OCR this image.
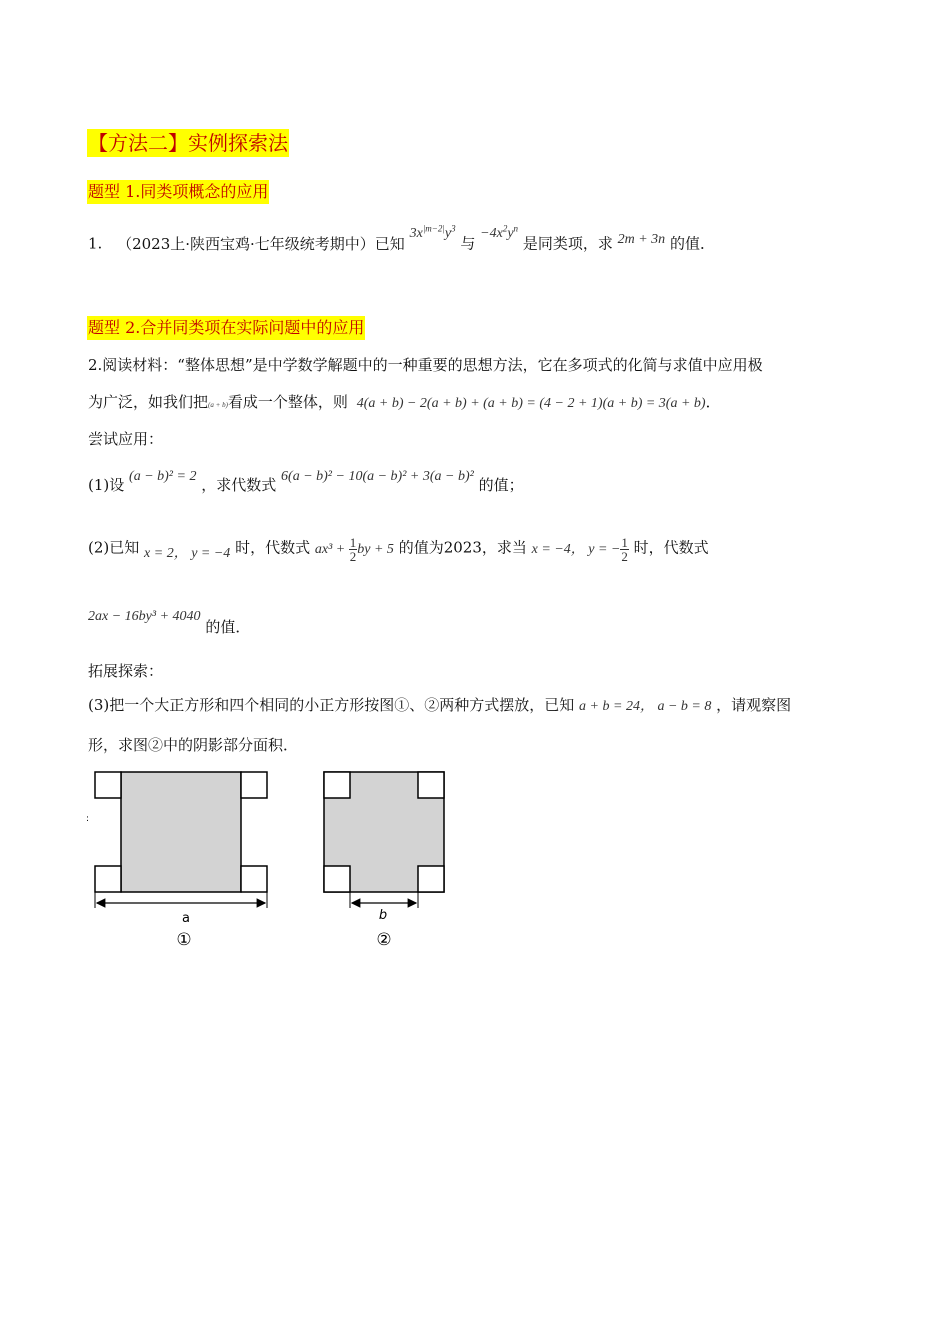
【方法二】实例探索法
题型 1.同类项概念的应用
1. （2023上·陕西宝鸡·七年级统考期中）已知 $3x^{|m-2|}y^3$ 与 $-4x^2y^n$ 是同类项，求 2m + 3n 的值．
题型 2.合并同类项在实际问题中的应用
2.阅读材料：“整体思想”是中学数学解题中的一种重要的思想方法，它在多项式的化简与求值中应用极
为广泛，如我们把(a + b)看成一个整体，则 4(a + b) − 2(a + b) + (a + b) = (4 − 2 + 1)(a + b) = 3(a + b)．
尝试应用：
(1)设 (a − b)² = 2 ，求代数式 6(a − b)² − 10(a − b)² + 3(a − b)² 的值；
(2)已知 x = 2， y = −4 时，代数式 $ax^3 + \frac{1}{2}$ by + 5 的值为2023，求当 x = −4， y = − $\frac{1}{2}$ 时，代数式
2ax − 16by³ + 4040 的值．
拓展探索：
(3)把一个大正方形和四个相同的小正方形按图①、②两种方式摆放，已知 a + b = 24， a − b = 8 ，请观察图
形，求图②中的阴影部分面积．
a
①
:
b
②
